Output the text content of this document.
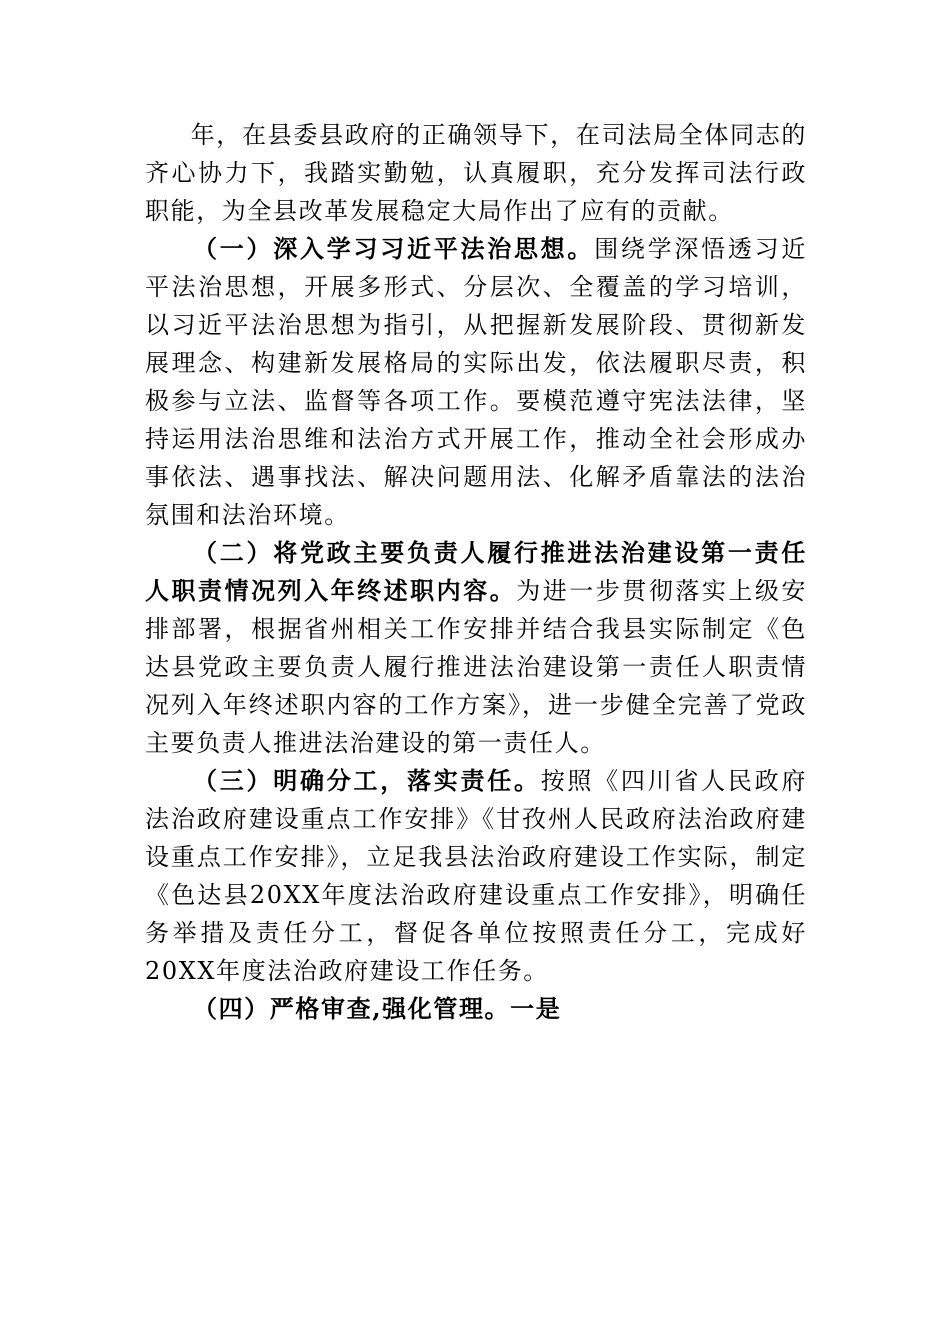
年，在县委县政府的正确领导下，在司法局全体同志的齐心协力下，我踏实勤勉，认真履职，充分发挥司法行政职能，为全县改革发展稳定大局作出了应有的贡献。

（一）深入学习习近平法治思想。围绕学深悟透习近平法治思想，开展多形式、分层次、全覆盖的学习培训，以习近平法治思想为指引，从把握新发展阶段、贯彻新发展理念、构建新发展格局的实际出发，依法履职尽责，积极参与立法、监督等各项工作。要模范遵守宪法法律，坚持运用法治思维和法治方式开展工作，推动全社会形成办事依法、遇事找法、解决问题用法、化解矛盾靠法的法治氛围和法治环境。

（二）将党政主要负责人履行推进法治建设第一责任人职责情况列入年终述职内容。为进一步贯彻落实上级安排部署，根据省州相关工作安排并结合我县实际制定《色达县党政主要负责人履行推进法治建设第一责任人职责情况列入年终述职内容的工作方案》，进一步健全完善了党政主要负责人推进法治建设的第一责任人。

（三）明确分工，落实责任。按照《四川省人民政府法治政府建设重点工作安排》《甘孜州人民政府法治政府建设重点工作安排》，立足我县法治政府建设工作实际，制定《色达县20XX年度法治政府建设重点工作安排》，明确任务举措及责任分工，督促各单位按照责任分工，完成好20XX年度法治政府建设工作任务。

（四）严格审查,强化管理。一是
